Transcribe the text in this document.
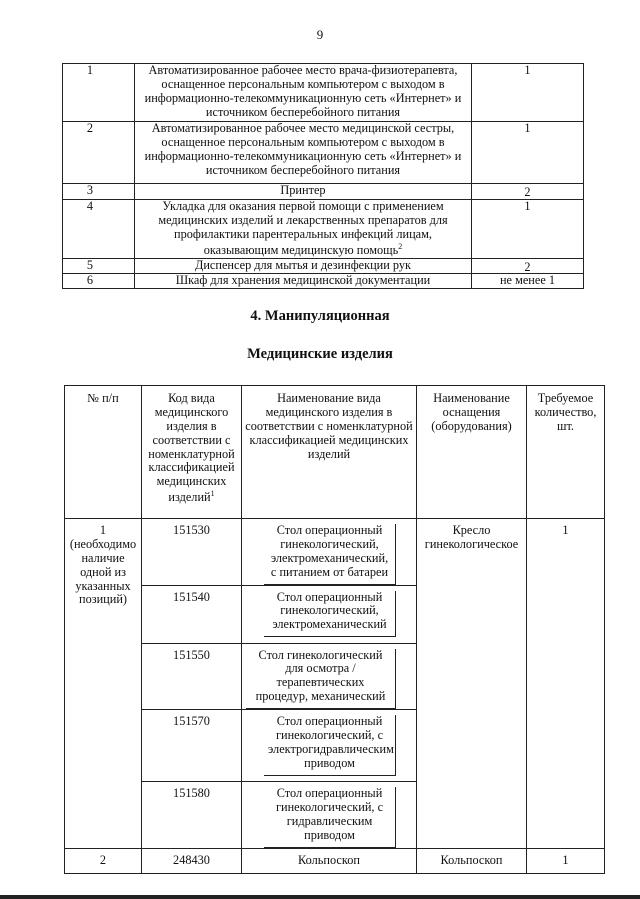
9
1	Автоматизированное рабочее место врача-физиотерапевта, оснащенное персональным компьютером с выходом в информационно-телекоммуникационную сеть «Интернет» и источником бесперебойного питания	1
2	Автоматизированное рабочее место медицинской сестры, оснащенное персональным компьютером с выходом в информационно-телекоммуникационную сеть «Интернет» и источником бесперебойного питания	1
3	Принтер	2
4	Укладка для оказания первой помощи с применением медицинских изделий и лекарственных препаратов для профилактики парентеральных инфекций лицам, оказывающим медицинскую помощь$^2$	1
5	Диспенсер для мытья и дезинфекции рук	2
6	Шкаф для хранения медицинской документации	не менее 1
4. Манипуляционная
Медицинские изделия
№ п/п	Код вида медицинского изделия в соответствии с номенклатурной классификацией медицинских изделий$^1$	Наименование вида медицинского изделия в соответствии с номенклатурной классификацией медицинских изделий	Наименование оснащения (оборудования)	Требуемое количество, шт.
1 (необходимо наличие одной из указанных позиций)	151530	Стол операционный гинекологический, электромеханический, с питанием от батареи	Кресло гинекологическое	1
	151540	Стол операционный гинекологический, электромеханический		

	151550	Стол гинекологический для осмотра /терапевтических процедур, механический		

	151570	Стол операционный гинекологический, с электрогидравлическим приводом		

	151580	Стол операционный гинекологический, с гидравлическим приводом		

2	248430	Кольпоскоп	Кольпоскоп	1
